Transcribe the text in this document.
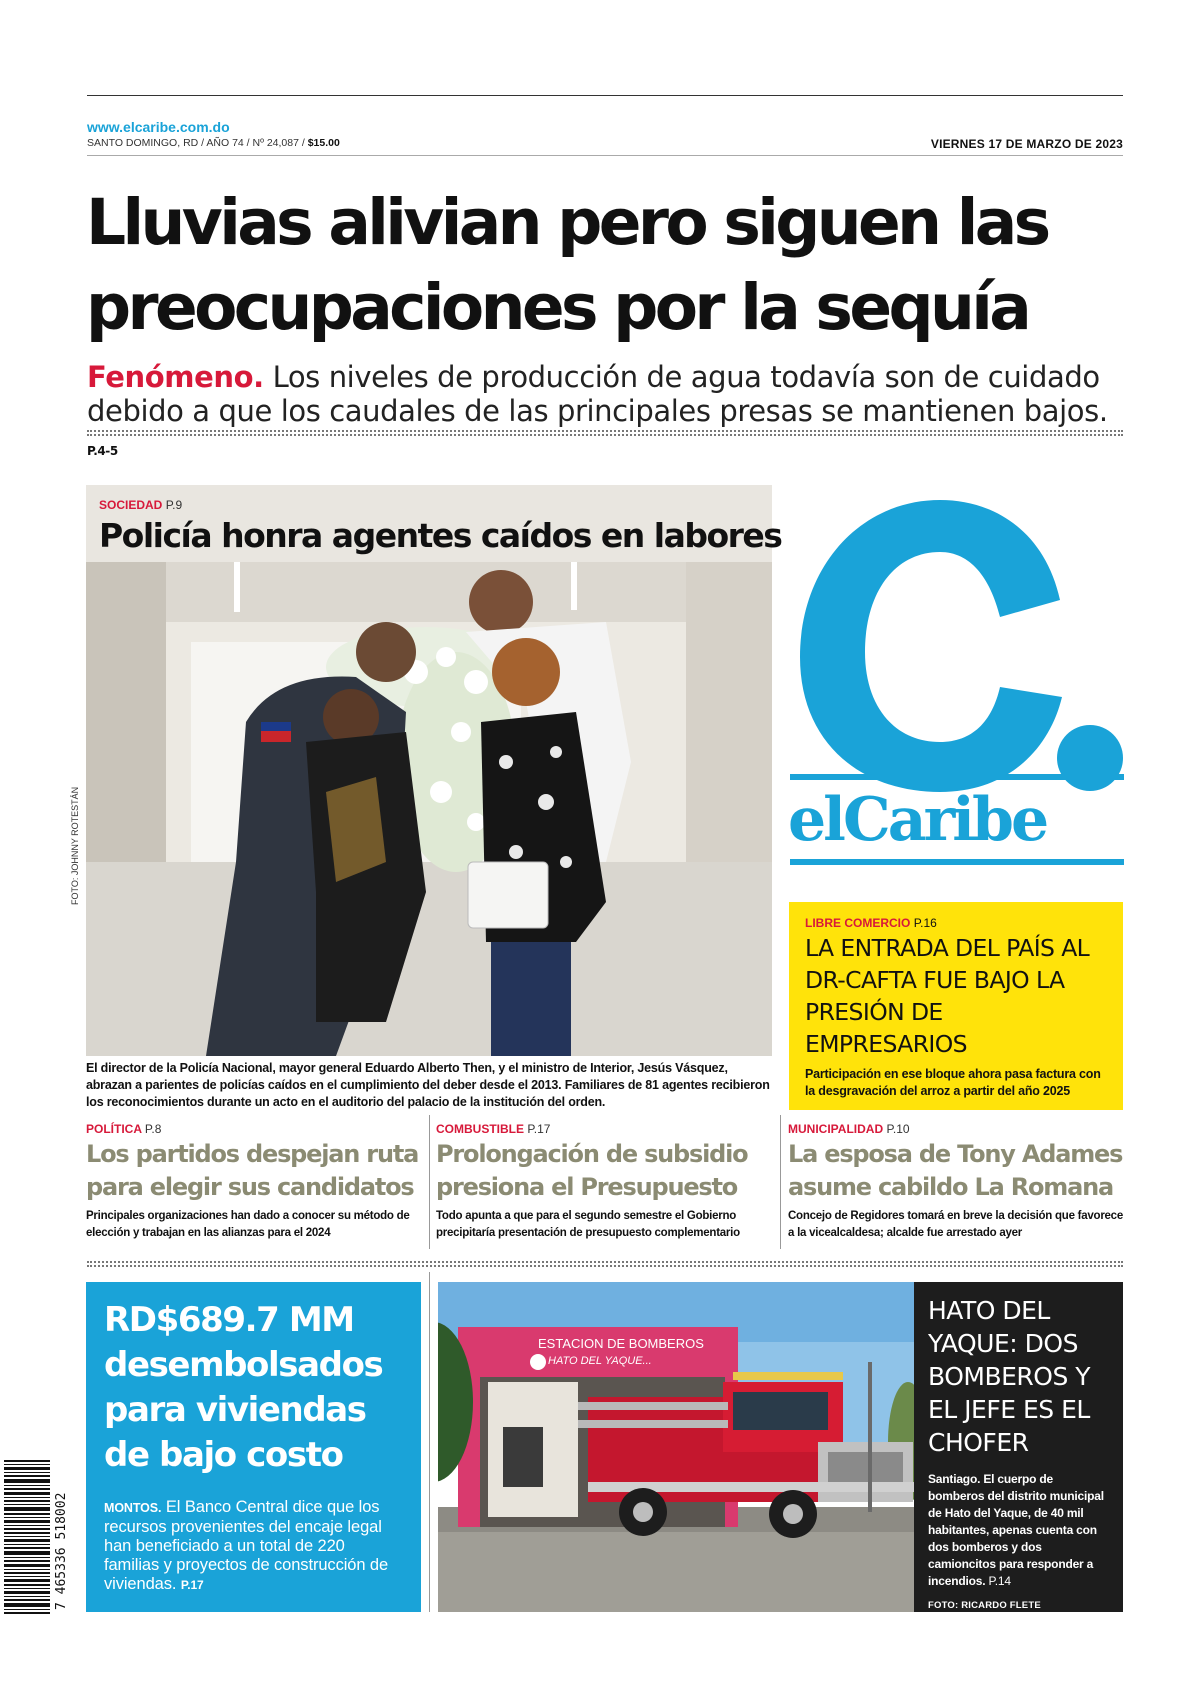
www.elcaribe.com.do
SANTO DOMINGO, RD / AÑO 74 / Nº 24,087 / $15.00	VIERNES 17 DE MARZO DE 2023
Lluvias alivian pero siguen las preocupaciones por la sequía

Fenómeno. Los niveles de producción de agua todavía son de cuidado debido a que los caudales de las principales presas se mantienen bajos. P.4-5

SOCIEDAD P.9
Policía honra agentes caídos en labores
FOTO: JOHNNY ROTESTÁN

El director de la Policía Nacional, mayor general Eduardo Alberto Then, y el ministro de Interior, Jesús Vásquez, abrazan a parientes de policías caídos en el cumplimiento del deber desde el 2013. Familiares de 81 agentes recibieron los reconocimientos durante un acto en el auditorio del palacio de la institución del orden.

elCaribe
LIBRE COMERCIO P.16
LA ENTRADA DEL PAÍS AL DR-CAFTA FUE BAJO LA PRESIÓN DE EMPRESARIOS
Participación en ese bloque ahora pasa factura con la desgravación del arroz a partir del año 2025
POLÍTICA P.8
Los partidos despejan ruta para elegir sus candidatos
Principales organizaciones han dado a conocer su método de elección y trabajan en las alianzas para el 2024
COMBUSTIBLE P.17
Prolongación de subsidio presiona el Presupuesto
Todo apunta a que para el segundo semestre el Gobierno precipitaría presentación de presupuesto complementario
MUNICIPALIDAD P.10
La esposa de Tony Adames asume cabildo La Romana
Concejo de Regidores tomará en breve la decisión que favorece a la vicealcaldesa; alcalde fue arrestado ayer
RD$689.7 MM desembolsados para viviendas de bajo costo
MONTOS. El Banco Central dice que los recursos provenientes del encaje legal han beneficiado a un total de 220 familias y proyectos de construcción de viviendas. P.17
ESTACION DE BOMBEROS
HATO DEL YAQUE...
HATO DEL YAQUE: DOS BOMBEROS Y EL JEFE ES EL CHOFER
Santiago. El cuerpo de bomberos del distrito municipal de Hato del Yaque, de 40 mil habitantes, apenas cuenta con dos bomberos y dos camioncitos para responder a incendios. P.14
FOTO: RICARDO FLETE
7 465336 518002
